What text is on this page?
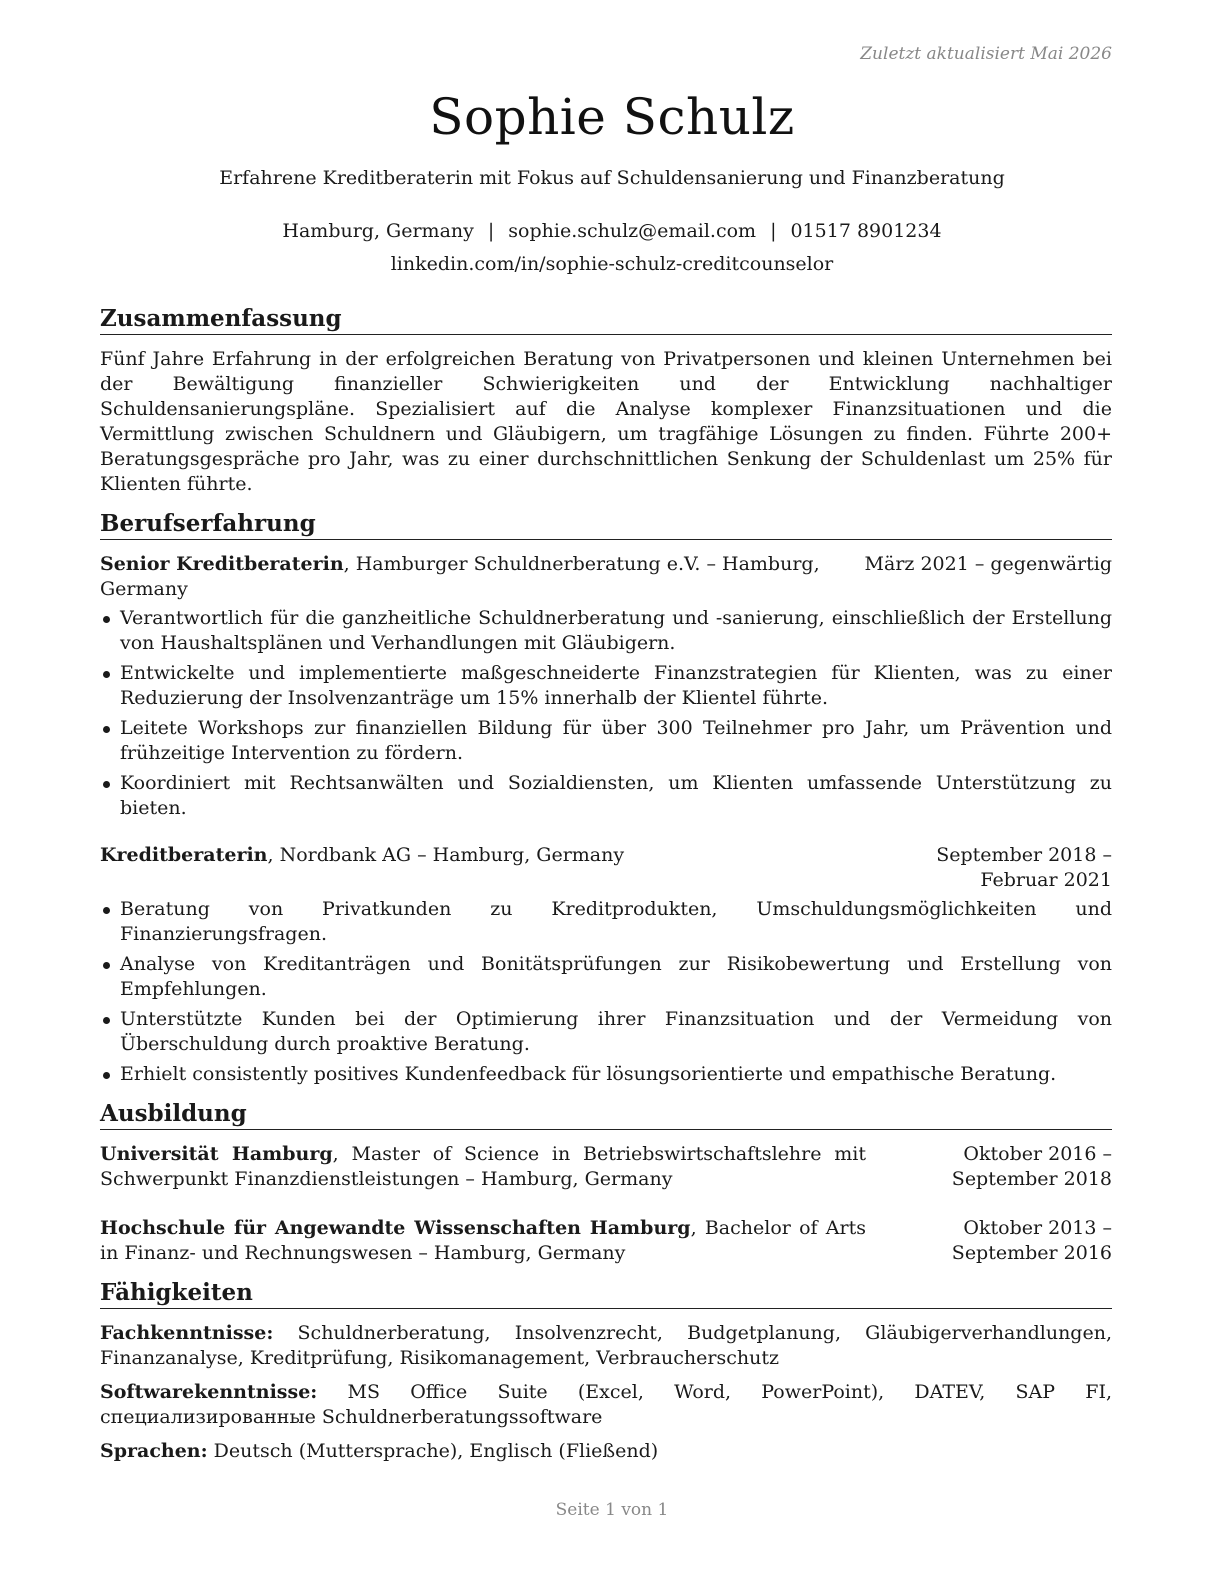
Zuletzt aktualisiert Mai 2026
Sophie Schulz
Erfahrene Kreditberaterin mit Fokus auf Schuldensanierung und Finanzberatung
Hamburg, Germany | sophie.schulz@email.com | 01517 8901234
linkedin.com/in/sophie-schulz-creditcounselor
Zusammenfassung

Fünf Jahre Erfahrung in der erfolgreichen Beratung von Privatpersonen und kleinen Unternehmen bei der Bewältigung finanzieller Schwierigkeiten und der Entwicklung nachhaltiger Schuldensanierungspläne. Spezialisiert auf die Analyse komplexer Finanzsituationen und die Vermittlung zwischen Schuldnern und Gläubigern, um tragfähige Lösungen zu finden. Führte 200+ Beratungsgespräche pro Jahr, was zu einer durchschnittlichen Senkung der Schuldenlast um 25% für Klienten führte.

Berufserfahrung
Senior Kreditberaterin, Hamburger Schuldnerberatung e.V. – Hamburg, Germany
März 2021 – gegenwärtig
Verantwortlich für die ganzheitliche Schuldnerberatung und -sanierung, einschließlich der Erstellung von Haushaltsplänen und Verhandlungen mit Gläubigern.
Entwickelte und implementierte maßgeschneiderte Finanzstrategien für Klienten, was zu einer Reduzierung der Insolvenzanträge um 15% innerhalb der Klientel führte.
Leitete Workshops zur finanziellen Bildung für über 300 Teilnehmer pro Jahr, um Prävention und frühzeitige Intervention zu fördern.
Koordiniert mit Rechtsanwälten und Sozialdiensten, um Klienten umfassende Unterstützung zu bieten.
Kreditberaterin, Nordbank AG – Hamburg, Germany	September 2018 – Februar 2021
Beratung von Privatkunden zu Kreditprodukten, Umschuldungsmöglichkeiten und Finanzierungsfragen.
Analyse von Kreditanträgen und Bonitätsprüfungen zur Risikobewertung und Erstellung von Empfehlungen.
Unterstützte Kunden bei der Optimierung ihrer Finanzsituation und der Vermeidung von Überschuldung durch proaktive Beratung.
Erhielt consistently positives Kundenfeedback für lösungsorientierte und empathische Beratung.
Ausbildung
Universität Hamburg, Master of Science in Betriebswirtschaftslehre mit Schwerpunkt Finanzdienstleistungen – Hamburg, Germany
Oktober 2016 – September 2018
Hochschule für Angewandte Wissenschaften Hamburg, Bachelor of Arts in Finanz- und Rechnungswesen – Hamburg, Germany
Oktober 2013 – September 2016
Fähigkeiten

Fachkenntnisse: Schuldnerberatung, Insolvenzrecht, Budgetplanung, Gläubigerverhandlungen, Finanzanalyse, Kreditprüfung, Risikomanagement, Verbraucherschutz

Softwarekenntnisse: MS Office Suite (Excel, Word, PowerPoint), DATEV, SAP FI, специализированные Schuldnerberatungssoftware

Sprachen: Deutsch (Muttersprache), Englisch (Fließend)

Seite 1 von 1
